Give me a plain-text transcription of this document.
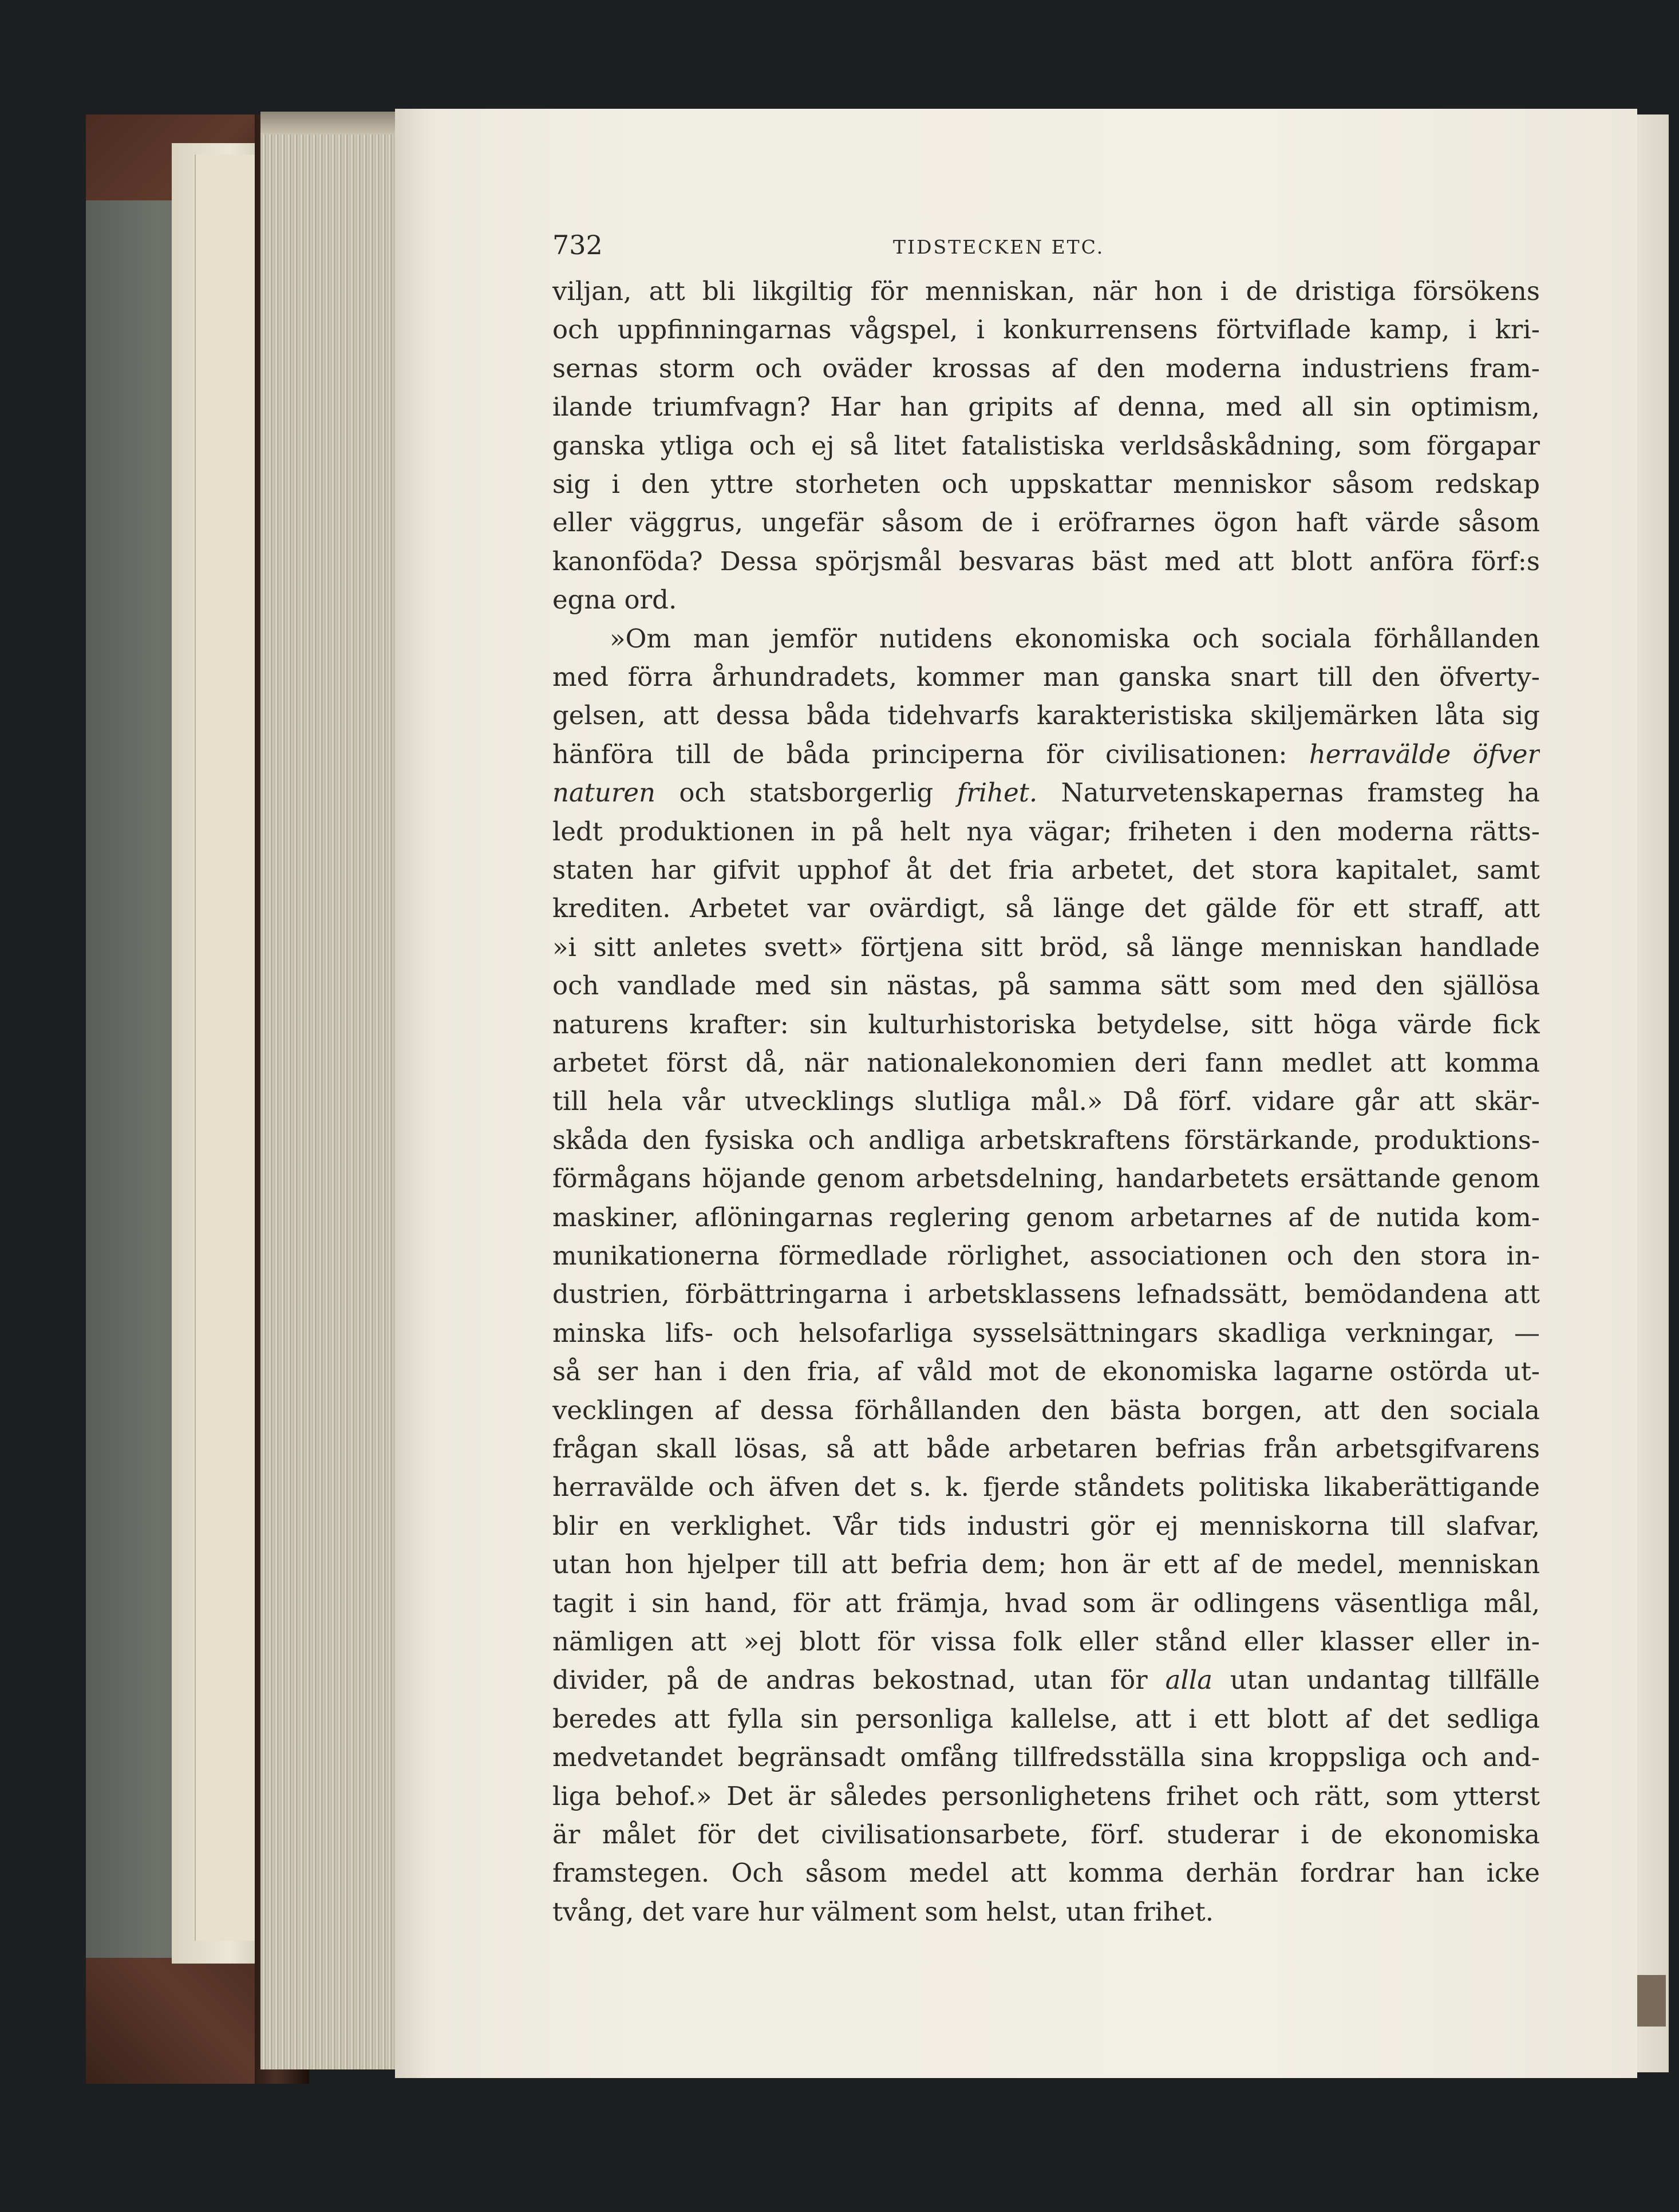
732	TIDSTECKEN ETC.
viljan, att bli likgiltig för menniskan, när hon i de dristiga försökens
och uppfinningarnas vågspel, i konkurrensens förtviflade kamp, i kri-
sernas storm och oväder krossas af den moderna industriens fram-
ilande triumfvagn? Har han gripits af denna, med all sin optimism,
ganska ytliga och ej så litet fatalistiska verldsåskådning, som förgapar
sig i den yttre storheten och uppskattar menniskor såsom redskap
eller väggrus, ungefär såsom de i eröfrarnes ögon haft värde såsom
kanonföda? Dessa spörjsmål besvaras bäst med att blott anföra förf:s
egna ord.
»Om man jemför nutidens ekonomiska och sociala förhållanden
med förra århundradets, kommer man ganska snart till den öfverty-
gelsen, att dessa båda tidehvarfs karakteristiska skiljemärken låta sig
hänföra till de båda principerna för civilisationen: herravälde öfver
naturen och statsborgerlig frihet. Naturvetenskapernas framsteg ha
ledt produktionen in på helt nya vägar; friheten i den moderna rätts-
staten har gifvit upphof åt det fria arbetet, det stora kapitalet, samt
krediten. Arbetet var ovärdigt, så länge det gälde för ett straff, att
»i sitt anletes svett» förtjena sitt bröd, så länge menniskan handlade
och vandlade med sin nästas, på samma sätt som med den själlösa
naturens krafter: sin kulturhistoriska betydelse, sitt höga värde fick
arbetet först då, när nationalekonomien deri fann medlet att komma
till hela vår utvecklings slutliga mål.» Då förf. vidare går att skär-
skåda den fysiska och andliga arbetskraftens förstärkande, produktions-
förmågans höjande genom arbetsdelning, handarbetets ersättande genom
maskiner, aflöningarnas reglering genom arbetarnes af de nutida kom-
munikationerna förmedlade rörlighet, associationen och den stora in-
dustrien, förbättringarna i arbetsklassens lefnadssätt, bemödandena att
minska lifs- och helsofarliga sysselsättningars skadliga verkningar, —
så ser han i den fria, af våld mot de ekonomiska lagarne ostörda ut-
vecklingen af dessa förhållanden den bästa borgen, att den sociala
frågan skall lösas, så att både arbetaren befrias från arbetsgifvarens
herravälde och äfven det s. k. fjerde ståndets politiska likaberättigande
blir en verklighet. Vår tids industri gör ej menniskorna till slafvar,
utan hon hjelper till att befria dem; hon är ett af de medel, menniskan
tagit i sin hand, för att främja, hvad som är odlingens väsentliga mål,
nämligen att »ej blott för vissa folk eller stånd eller klasser eller in-
divider, på de andras bekostnad, utan för alla utan undantag tillfälle
beredes att fylla sin personliga kallelse, att i ett blott af det sedliga
medvetandet begränsadt omfång tillfredsställa sina kroppsliga och and-
liga behof.» Det är således personlighetens frihet och rätt, som ytterst
är målet för det civilisationsarbete, förf. studerar i de ekonomiska
framstegen. Och såsom medel att komma derhän fordrar han icke
tvång, det vare hur välment som helst, utan frihet.
